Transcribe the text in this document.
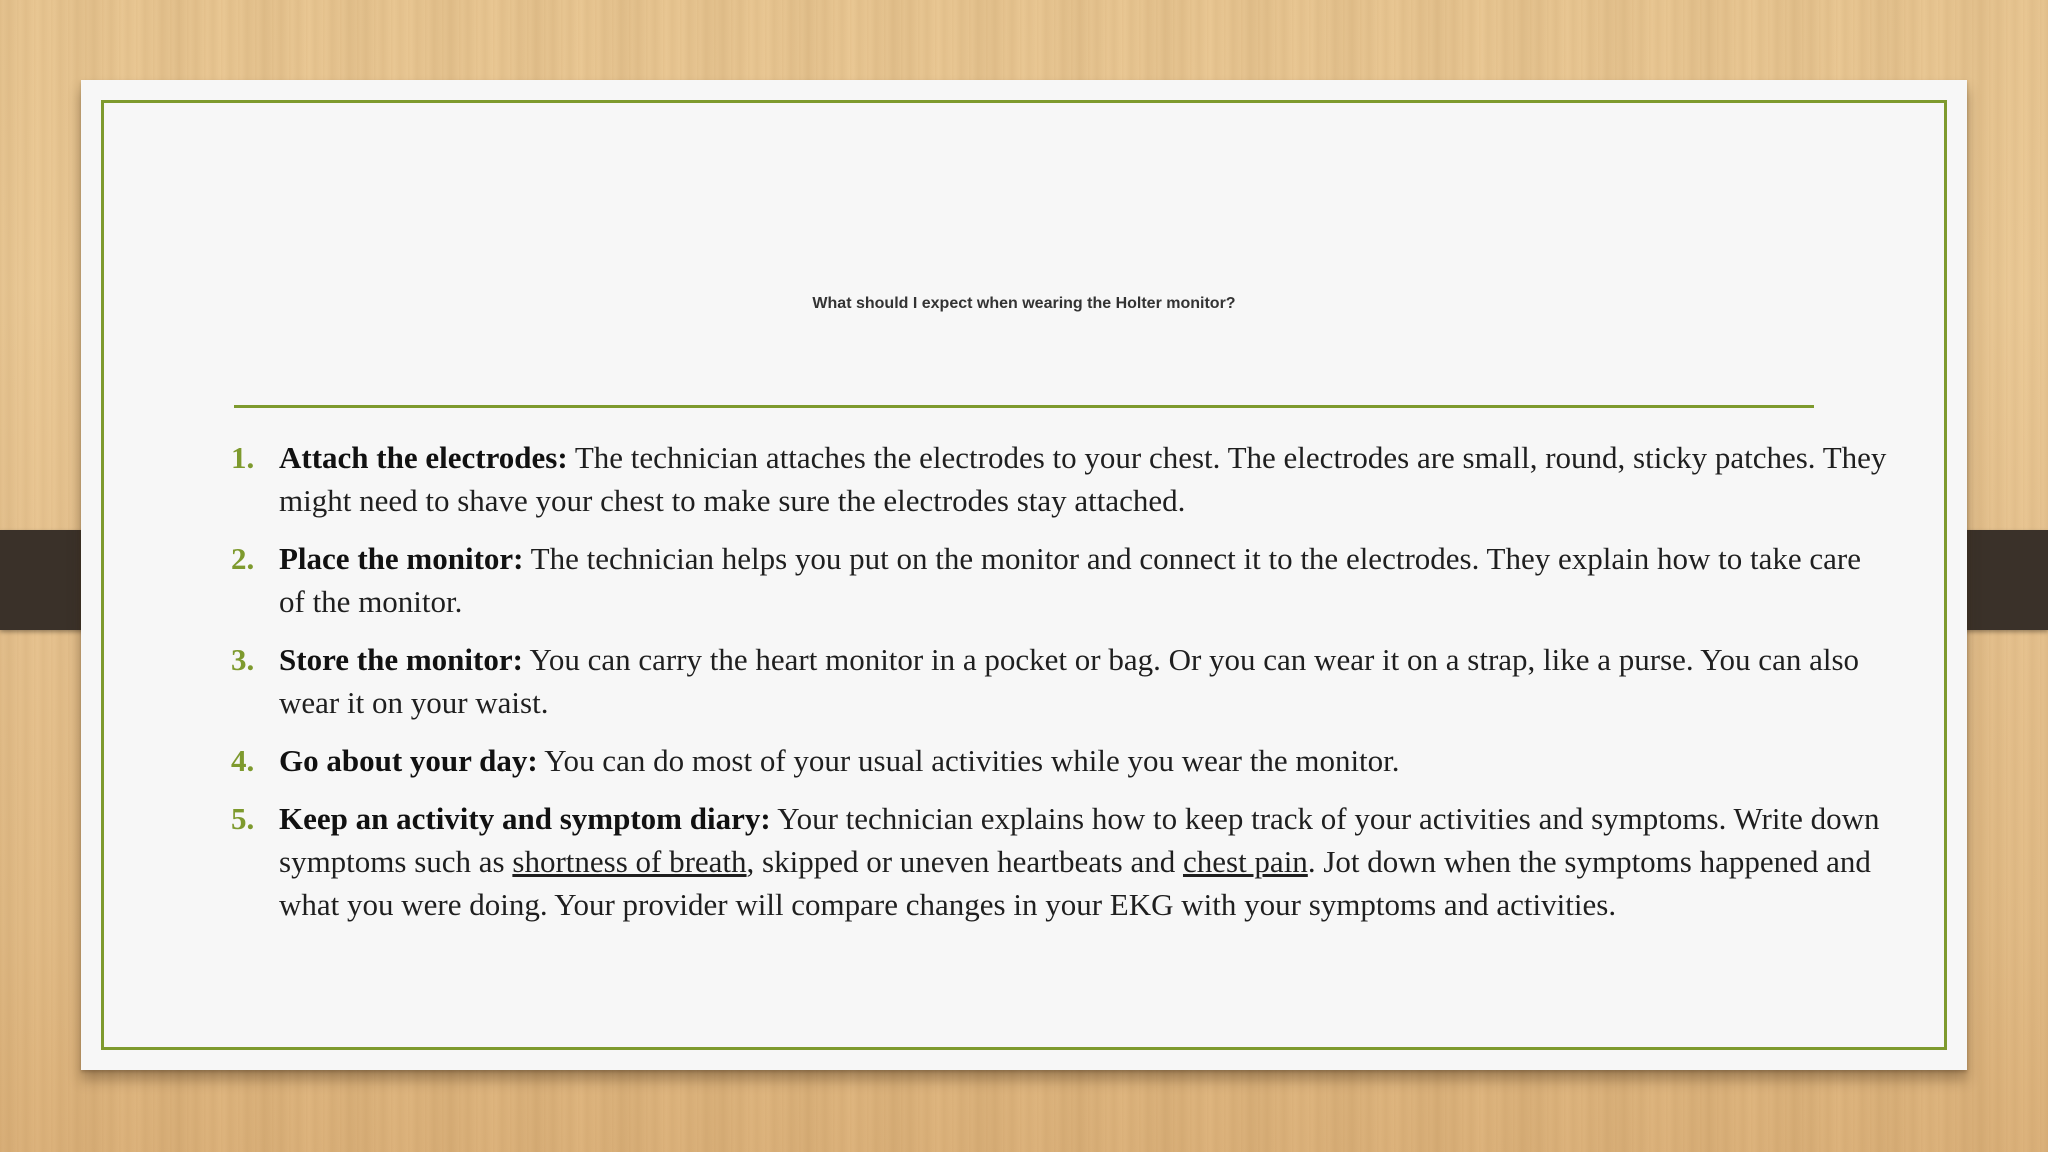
What should I expect when wearing the Holter monitor?
1. Attach the electrodes: The technician attaches the electrodes to your chest. The electrodes are small, round, sticky patches. They might need to shave your chest to make sure the electrodes stay attached.
2. Place the monitor: The technician helps you put on the monitor and connect it to the electrodes. They explain how to take care of the monitor.
3. Store the monitor: You can carry the heart monitor in a pocket or bag. Or you can wear it on a strap, like a purse. You can also wear it on your waist.
4. Go about your day: You can do most of your usual activities while you wear the monitor.
5. Keep an activity and symptom diary: Your technician explains how to keep track of your activities and symptoms. Write down symptoms such as shortness of breath, skipped or uneven heartbeats and chest pain. Jot down when the symptoms happened and what you were doing. Your provider will compare changes in your EKG with your symptoms and activities.
